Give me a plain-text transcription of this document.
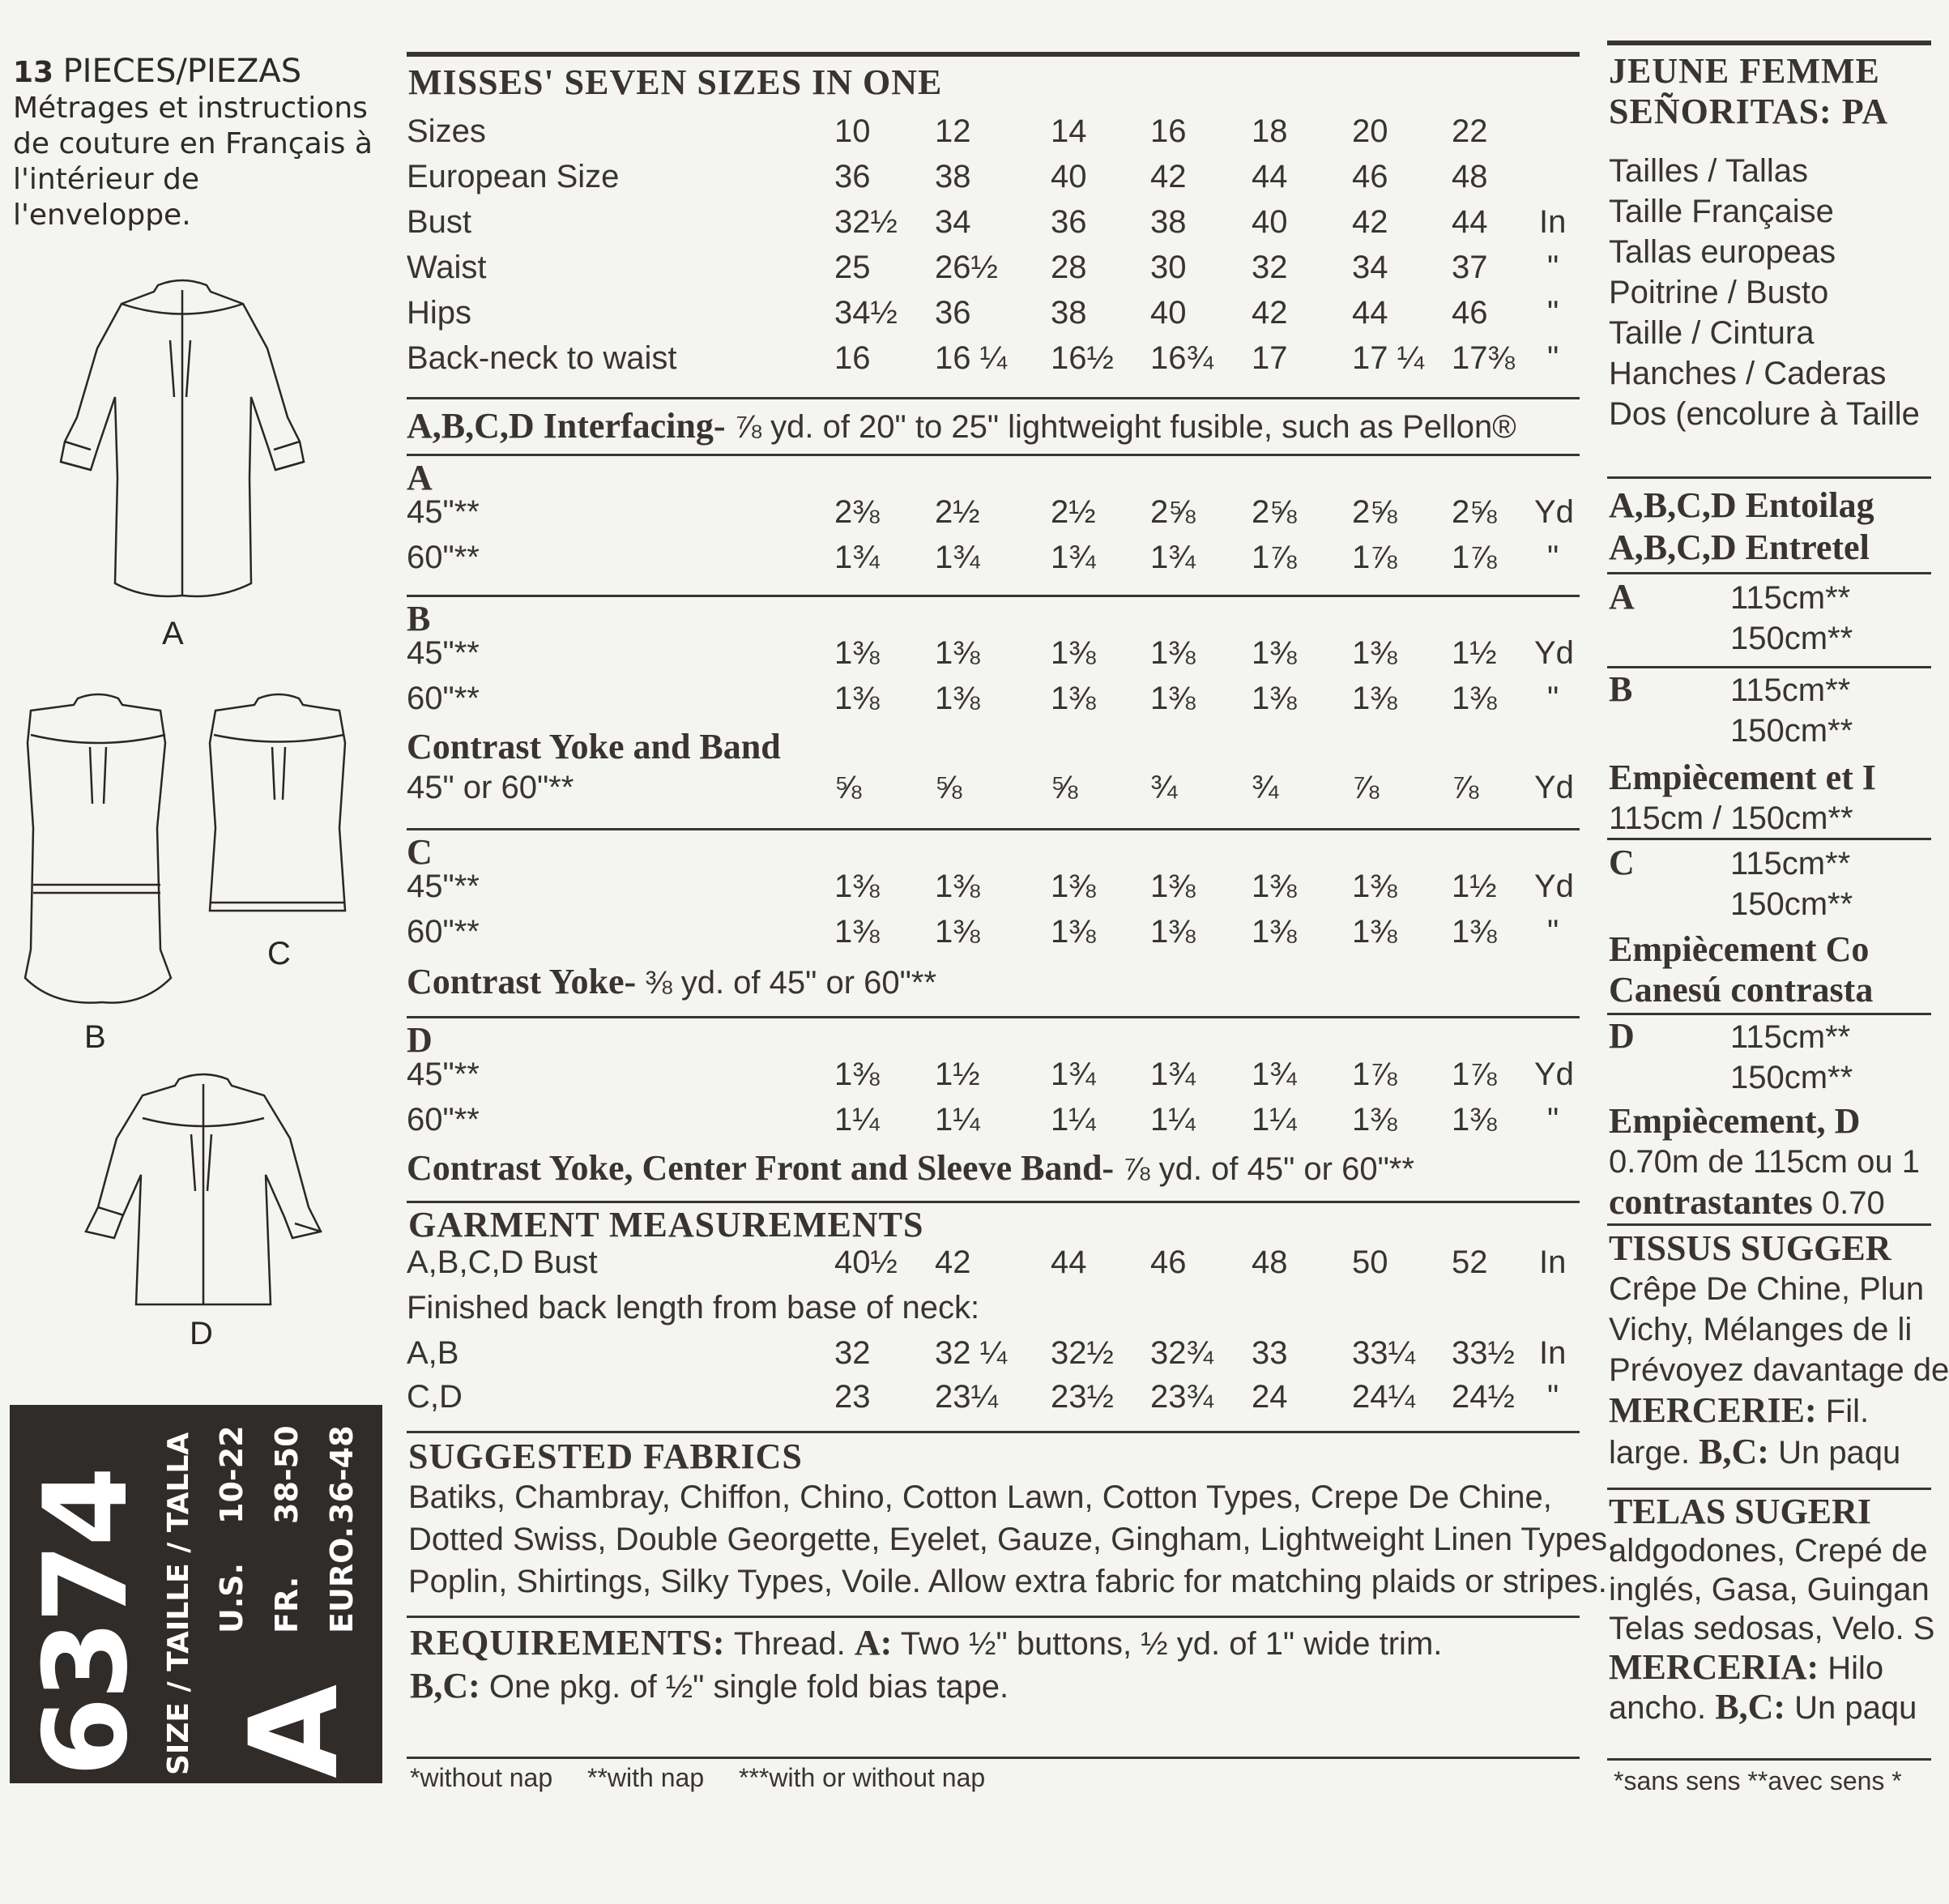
13 PIECES/PIEZAS
Métrages et instructions
de couture en Français à
l'intérieur de l'enveloppe.
A
B
C
D
6374 SIZE / TAILLE / TALLA A
U.S. FR. EURO.
10-22 38-50 36-48
MISSES' SEVEN SIZES IN ONE
Sizes	10 12 14 16 18 20 22
European Size	36 38 40 42 44 46 48
Bust	32½ 34 36 38 40 42 44 In
Waist	25 26½ 28 30 32 34 37 "
Hips	34½ 36 38 40 42 44 46 "
Back-neck to waist	16 16 ¼ 16½ 16¾ 17 17 ¼ 17⅜ "
A,B,C,D Interfacing- ⅞ yd. of 20" to 25" lightweight fusible, such as Pellon®
A
45"**	2⅜ 2½ 2½ 2⅝ 2⅝ 2⅝ 2⅝ Yd
60"**	1¾ 1¾ 1¾ 1¾ 1⅞ 1⅞ 1⅞ "
B
45"**	1⅜ 1⅜ 1⅜ 1⅜ 1⅜ 1⅜ 1½ Yd
60"**	1⅜ 1⅜ 1⅜ 1⅜ 1⅜ 1⅜ 1⅜ "
Contrast Yoke and Band
45" or 60"**	⅝ ⅝	⅝ ¾ ¾ ⅞ ⅞ Yd
C
45"**	1⅜ 1⅜ 1⅜ 1⅜ 1⅜ 1⅜ 1½ Yd
60"**	1⅜ 1⅜ 1⅜ 1⅜ 1⅜ 1⅜ 1⅜ "
Contrast Yoke- ⅜ yd. of 45" or 60"**
D
45"**	1⅜ 1½ 1¾ 1¾ 1¾ 1⅞ 1⅞ Yd
60"**	1¼ 1¼ 1¼ 1¼ 1¼ 1⅜ 1⅜ "
Contrast Yoke, Center Front and Sleeve Band- ⅞ yd. of 45" or 60"**
GARMENT MEASUREMENTS
A,B,C,D Bust	40½ 42 44 46 48 50 52 In
Finished back length from base of neck:
A,B	32 32 ¼ 32½ 32¾ 33 33¼ 33½ In
C,D	23 23¼ 23½ 23¾ 24 24¼ 24½ "
SUGGESTED FABRICS
Batiks, Chambray, Chiffon, Chino, Cotton Lawn, Cotton Types, Crepe De Chine,
Dotted Swiss, Double Georgette, Eyelet, Gauze, Gingham, Lightweight Linen Types,
Poplin, Shirtings, Silky Types, Voile. Allow extra fabric for matching plaids or stripes.
REQUIREMENTS: Thread. A: Two ½" buttons, ½ yd. of 1" wide trim.
B,C: One pkg. of ½" single fold bias tape.
*without nap **with nap ***with or without nap
JEUNE FEMME
SEÑORITAS: PA
Tailles / Tallas
Taille Française
Tallas europeas
Poitrine / Busto
Taille / Cintura
Hanches / Caderas
Dos (encolure à Taille
A,B,C,D Entoilag
A,B,C,D Entretel
A	115cm**
150cm**
B	115cm**
150cm**
Empiècement et I
115cm / 150cm**
C	115cm**
150cm**
Empiècement Co
Canesú contrasta
D	115cm**
150cm**
Empiècement, D
0.70m de 115cm ou 1
contrastantes 0.70
TISSUS SUGGER
Crêpe De Chine, Plun
Vichy, Mélanges de li
Prévoyez davantage de
MERCERIE: Fil.
large. B,C: Un paqu
TELAS SUGERI
aldgodones, Crepé de
inglés, Gasa, Guingan
Telas sedosas, Velo. S
MERCERIA: Hilo
ancho. B,C: Un paqu
*sans sens **avec sens *
